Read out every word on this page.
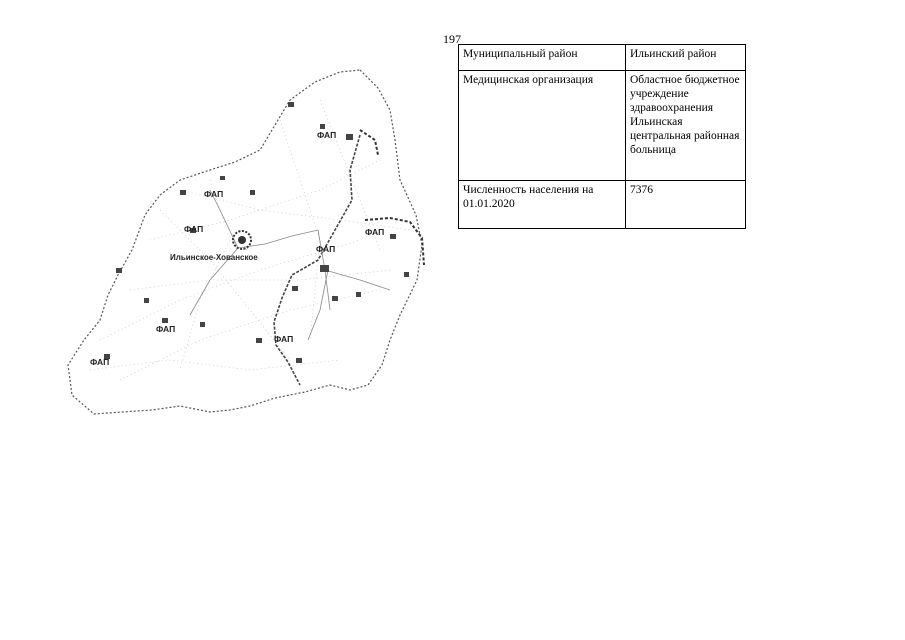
197
ФАП
ФАП
ФАП
ФАП
ФАП
ФАП
ФАП
ФАП
Ильинское-Хованское
Муниципальный район	Ильинский район
Медицинская организация	Областное бюджетное учреждение здравоохранения Ильинская центральная районная больница
Численность населения на 01.01.2020	7376
